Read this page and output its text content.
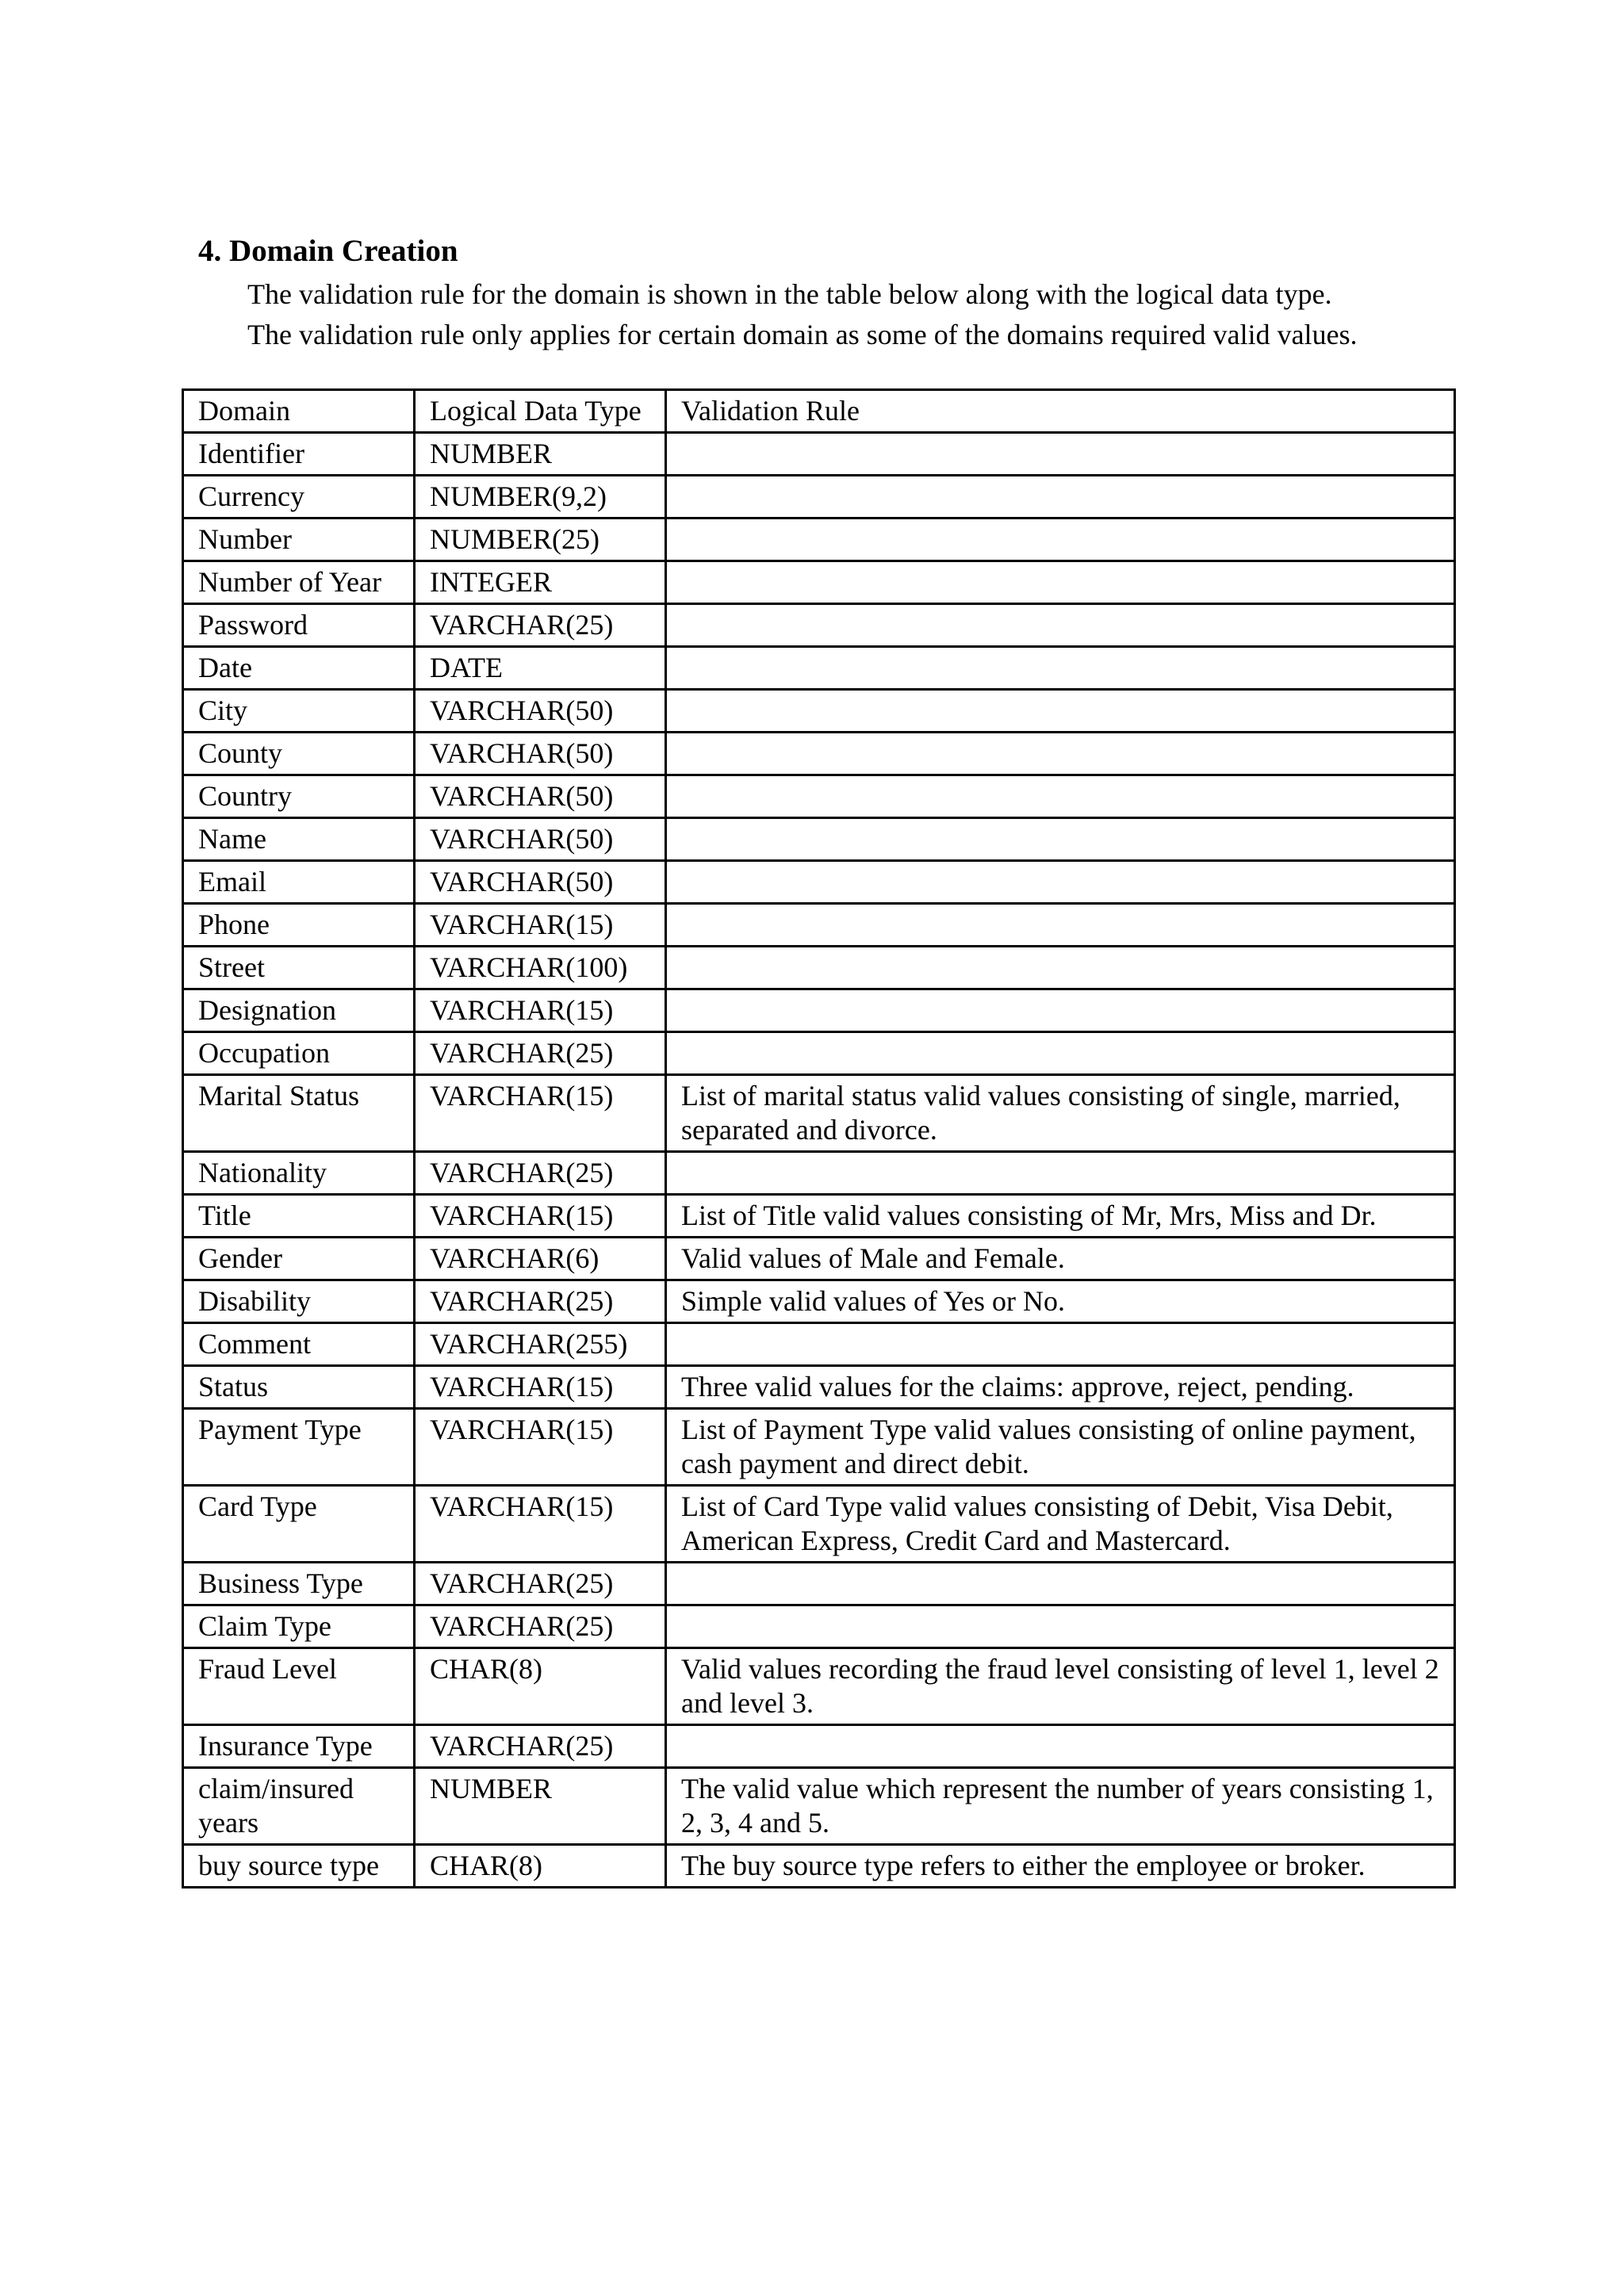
4. Domain Creation
The validation rule for the domain is shown in the table below along with the logical data type.
The validation rule only applies for certain domain as some of the domains required valid values.
Domain	Logical Data Type	Validation Rule
Identifier	NUMBER	
Currency	NUMBER(9,2)	
Number	NUMBER(25)	
Number of Year	INTEGER	
Password	VARCHAR(25)	
Date	DATE	
City	VARCHAR(50)	
County	VARCHAR(50)	
Country	VARCHAR(50)	
Name	VARCHAR(50)	
Email	VARCHAR(50)	
Phone	VARCHAR(15)	
Street	VARCHAR(100)	
Designation	VARCHAR(15)	
Occupation	VARCHAR(25)	
Marital Status	VARCHAR(15)	List of marital status valid values consisting of single, married, separated and divorce.
Nationality	VARCHAR(25)	
Title	VARCHAR(15)	List of Title valid values consisting of Mr, Mrs, Miss and Dr.
Gender	VARCHAR(6)	Valid values of Male and Female.
Disability	VARCHAR(25)	Simple valid values of Yes or No.
Comment	VARCHAR(255)	
Status	VARCHAR(15)	Three valid values for the claims: approve, reject, pending.
Payment Type	VARCHAR(15)	List of Payment Type valid values consisting of online payment, cash payment and direct debit.
Card Type	VARCHAR(15)	List of Card Type valid values consisting of Debit, Visa Debit, American Express, Credit Card and Mastercard.
Business Type	VARCHAR(25)	
Claim Type	VARCHAR(25)	
Fraud Level	CHAR(8)	Valid values recording the fraud level consisting of level 1, level 2 and level 3.
Insurance Type	VARCHAR(25)	
claim/insured years	NUMBER	The valid value which represent the number of years consisting 1, 2, 3, 4 and 5.
buy source type	CHAR(8)	The buy source type refers to either the employee or broker.
